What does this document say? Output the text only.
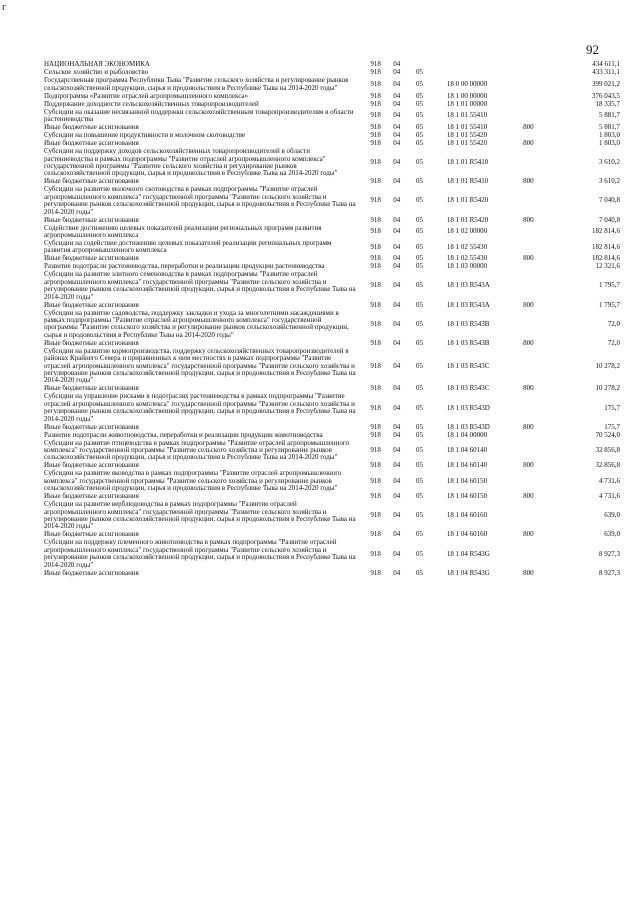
г
92
НАЦИОНАЛЬНАЯ ЭКОНОМИКА	918	04				434 611,1
Сельское хозяйство и рыболовство	918	04	05			433 311,1
Государственная программа Республики Тыва "Развитие сельского хозяйства и регулирование рынков сельскохозяйственной продукции, сырья и продовольствия в Республике Тыва на 2014-2020 годы"	918	04	05	18 0 00 00000		399 021,2
Подпрограмма «Развитие отраслей агропромышленного комплекса»	918	04	05	18 1 00 00000		376 043,5
Поддержание доходности сельскохозяйственных товаропроизводителей	918	04	05	18 1 01 00000		18 335,7
Субсидии на оказание несвязанной поддержки сельскохозяйственным товаропроизводителям в области растениеводства	918	04	05	18 1 01 55410		5 881,7
Иные бюджетные ассигнования	918	04	05	18 1 01 55410	800	5 881,7
Субсидии на повышение продуктивности в молочном скотоводстве	918	04	05	18 1 01 55420		1 803,0
Иные бюджетные ассигнования	918	04	05	18 1 01 55420	800	1 803,0
Субсидии на поддержку доходов сельскохозяйственных товаропроизводителей в области растениеводства в рамках подпрограммы "Развитие отраслей агропромышленного комплекса" государственной программы "Развитие сельского хозяйства и регулирование рынков сельскохозяйственной продукции, сырья и продовольствия в Республике Тыва на 2014-2020 годы"	918	04	05	18 1 01 R5410		3 610,2
Иные бюджетные ассигнования	918	04	05	18 1 01 R5410	800	3 610,2
Субсидии на развитие молочного скотоводства в рамках подпрограммы "Развитие отраслей агропромышленного комплекса" государственной программы "Развитие сельского хозяйства и регулирование рынков сельскохозяйственной продукции, сырья и продовольствия в Республике Тыва на 2014-2020 годы"	918	04	05	18 1 01 R5420		7 040,8
Иные бюджетные ассигнования	918	04	05	18 1 01 R5420	800	7 040,8
Содействие достижению целевых показателей реализации региональных программ развития агропромышленного комплекса	918	04	05	18 1 02 00000		182 814,6
Субсидии на содействие достижению целевых показателей реализации региональных программ развития агропромышленного комплекса	918	04	05	18 1 02 55430		182 814,6
Иные бюджетные ассигнования	918	04	05	18 1 02 55430	800	182 814,6
Развитие подотрасли растениеводства, переработки и реализации продукции растениеводства	918	04	05	18 1 03 00000		12 321,6
Субсидии на развитие элитного семеноводства в рамках подпрограммы "Развитие отраслей агропромышленного комплекса" государственной программы "Развитие сельского хозяйства и регулирование рынков сельскохозяйственной продукции, сырья и продовольствия в Республике Тыва на 2014-2020 годы"	918	04	05	18 1 03 R543A		1 795,7
Иные бюджетные ассигнования	918	04	05	18 1 03 R543A	800	1 795,7
Субсидии на развитие садоводства, поддержку закладки и ухода за многолетними насаждениями в рамках подпрограммы "Развитие отраслей агропромышленного комплекса" государственной программы "Развитие сельского хозяйства и регулирование рынков сельскохозяйственной продукции, сырья и продовольствия в Республике Тыва на 2014-2020 годы"	918	04	05	18 1 03 R543B		72,0
Иные бюджетные ассигнования	918	04	05	18 1 03 R543B	800	72,0
Субсидии на развитие кормопроизводства, поддержку сельскохозяйственных товаропроизводителей в районах Крайнего Севера и приравненных к ним местностях в рамках подпрограммы "Развитие отраслей агропромышленного комплекса" государственной программы "Развитие сельского хозяйства и регулирование рынков сельскохозяйственной продукции, сырья и продовольствия в Республике Тыва на 2014-2020 годы"	918	04	05	18 1 03 R543C		10 278,2
Иные бюджетные ассигнования	918	04	05	18 1 03 R543C	800	10 278,2
Субсидии на управление рисками в подотраслях растениеводства в рамках подпрограммы "Развитие отраслей агропромышленного комплекса" государственной программы "Развитие сельского хозяйства и регулирование рынков сельскохозяйственной продукции, сырья и продовольствия в Республике Тыва на 2014-2020 годы"	918	04	05	18 1 03 R543D		175,7
Иные бюджетные ассигнования	918	04	05	18 1 03 R543D	800	175,7
Развитие подотрасли животноводства, переработки и реализации продукции животноводства	918	04	05	18 1 04 00000		70 524,0
Субсидии на развитие птицеводства в рамках подпрограммы "Развитие отраслей агропромышленного комплекса" государственной программы "Развитие сельского хозяйства и регулирование рынков сельскохозяйственной продукции, сырья и продовольствия в Республике Тыва на 2014-2020 годы"	918	04	05	18 1 04 60140		32 856,8
Иные бюджетные ассигнования	918	04	05	18 1 04 60140	800	32 856,8
Субсидии на развитие яководства в рамках подпрограммы "Развитие отраслей агропромышленного комплекса" государственной программы "Развитие сельского хозяйства и регулирование рынков сельскохозяйственной продукции, сырья и продовольствия в Республике Тыва на 2014-2020 годы"	918	04	05	18 1 04 60150		4 731,6
Иные бюджетные ассигнования	918	04	05	18 1 04 60150	800	4 731,6
Субсидии на развитие верблюдоводства в рамках подпрограммы "Развитие отраслей агропромышленного комплекса" государственной программы "Развитие сельского хозяйства и регулирование рынков сельскохозяйственной продукции, сырья и продовольствия в Республике Тыва на 2014-2020 годы"	918	04	05	18 1 04 60160		639,0
Иные бюджетные ассигнования	918	04	05	18 1 04 60160	800	639,0
Субсидии на поддержку племенного животноводства в рамках подпрограммы "Развитие отраслей агропромышленного комплекса" государственной программы "Развитие сельского хозяйства и регулирование рынков сельскохозяйственной продукции, сырья и продовольствия в Республике Тыва на 2014-2020 годы"	918	04	05	18 1 04 R543G		8 927,3
Иные бюджетные ассигнования	918	04	05	18 1 04 R543G	800	8 927,3
